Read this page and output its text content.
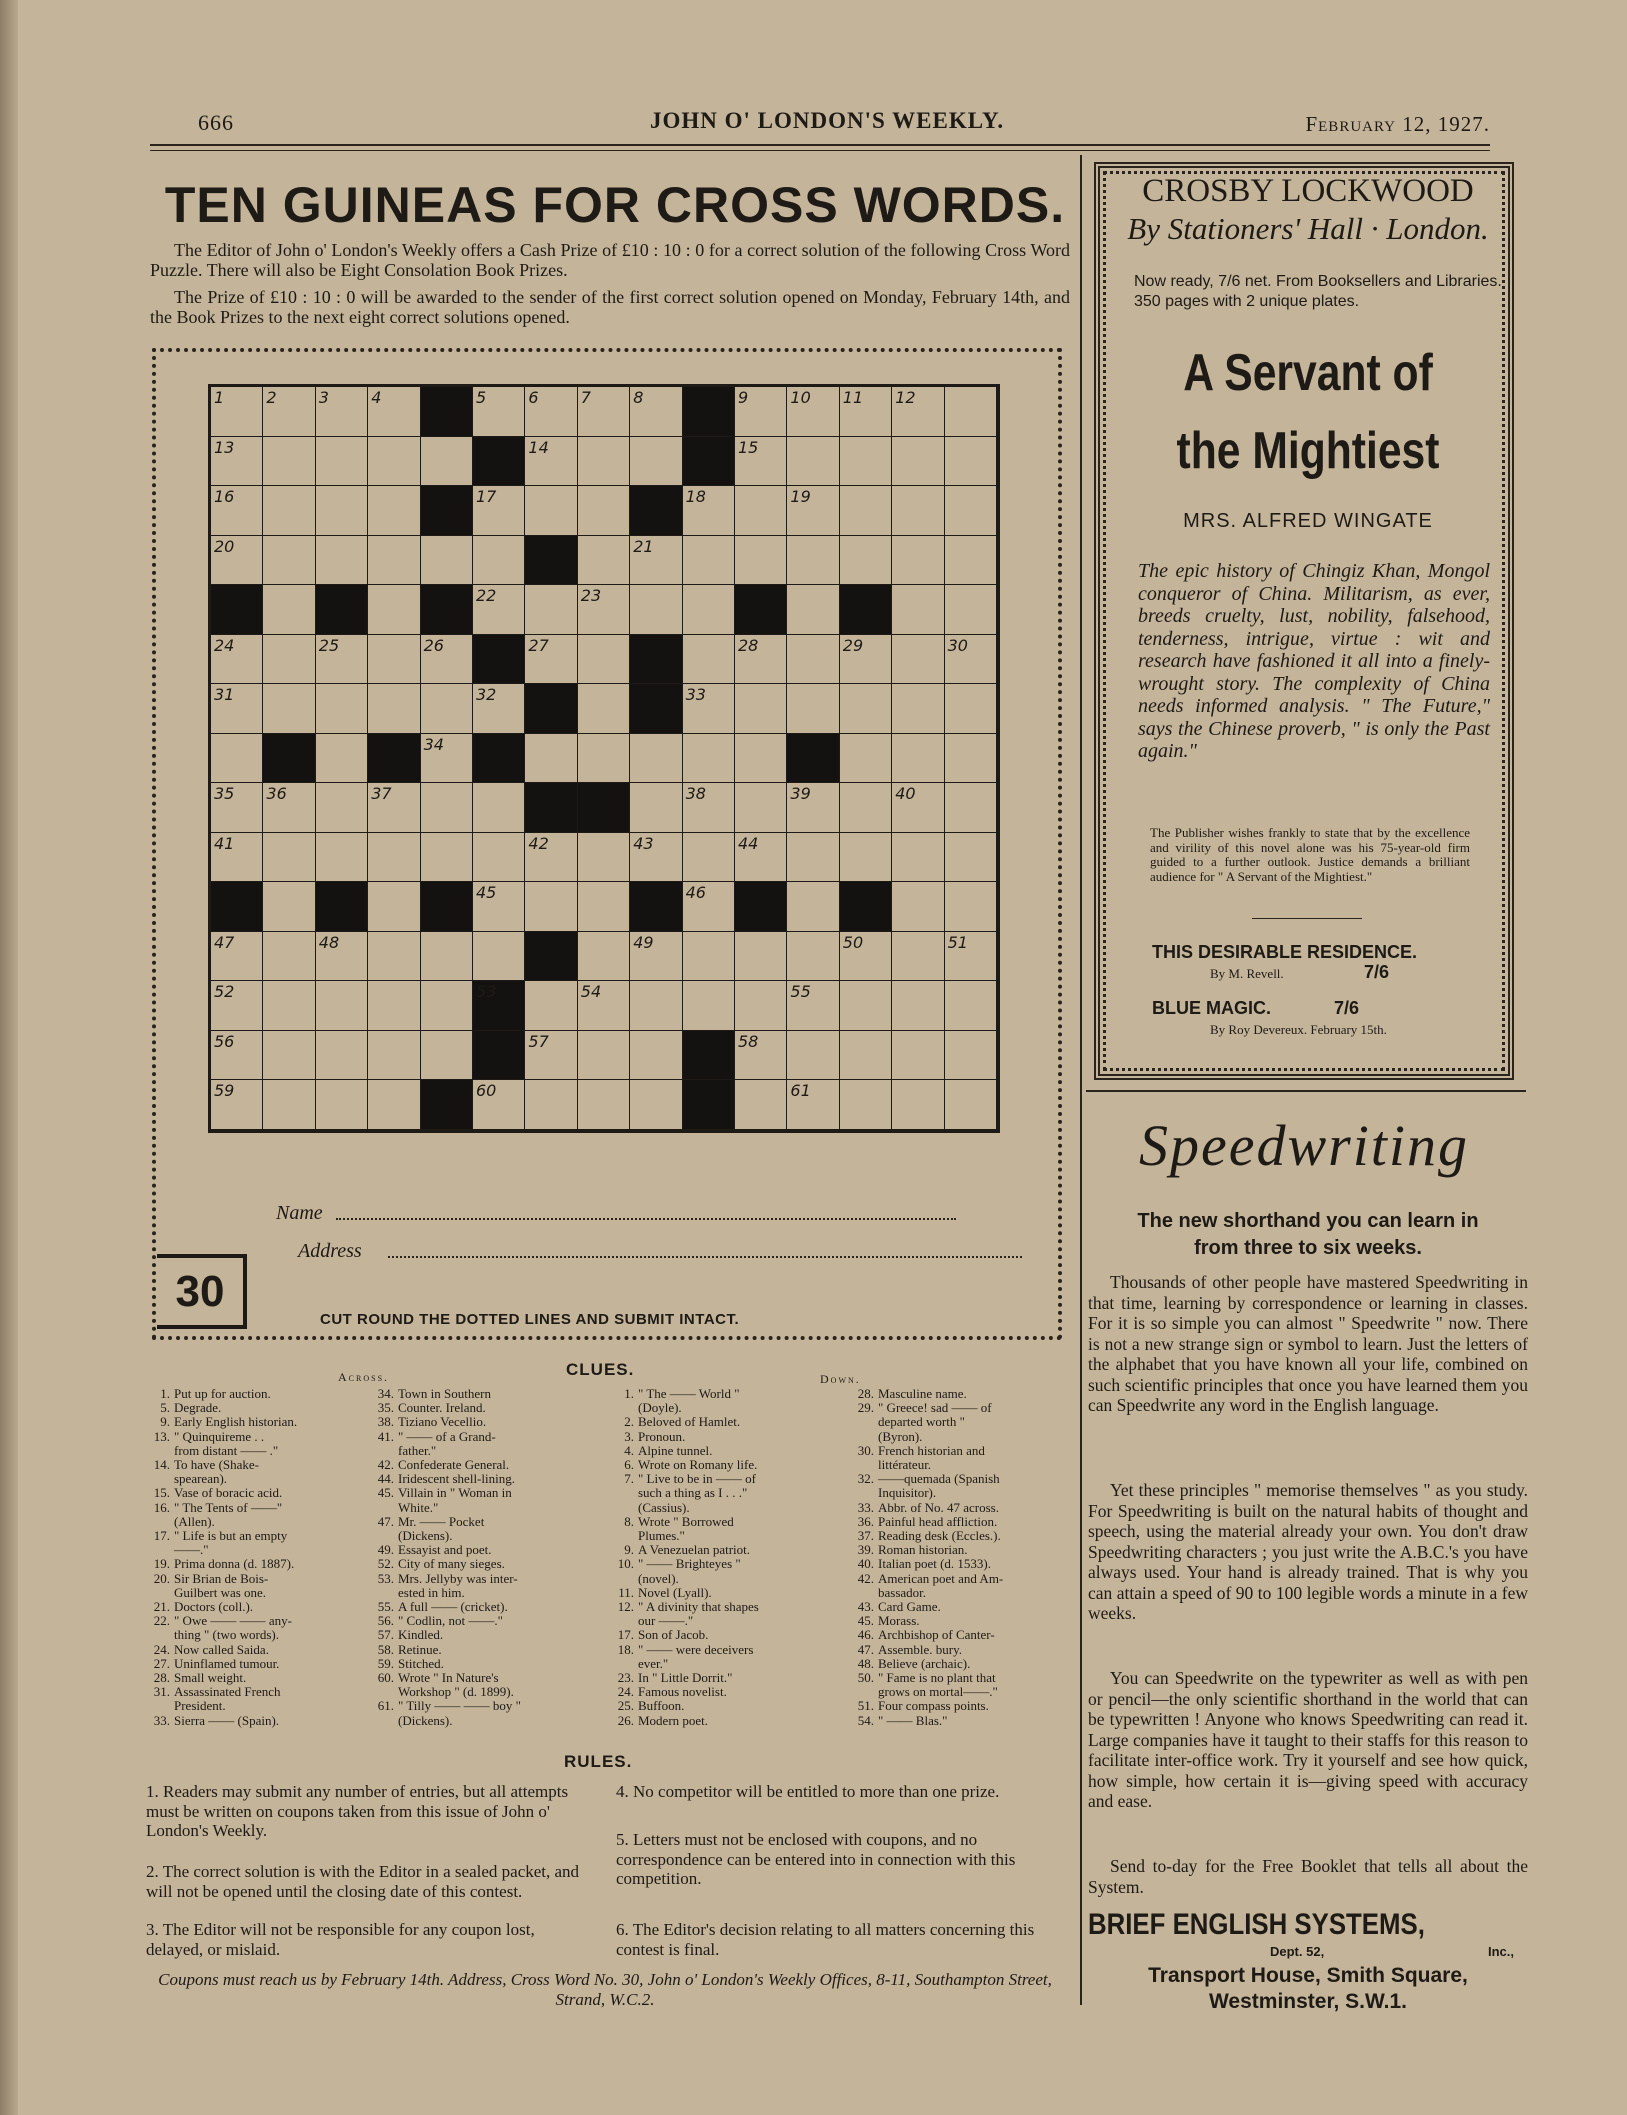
666	JOHN O' LONDON'S WEEKLY.	February 12, 1927.
TEN GUINEAS FOR CROSS WORDS.
The Editor of John o' London's Weekly offers a Cash Prize of £10 : 10 : 0 for a correct solution of the following Cross Word Puzzle. There will also be Eight Consolation Book Prizes.
The Prize of £10 : 10 : 0 will be awarded to the sender of the first correct solution opened on Monday, February 14th, and the Book Prizes to the next eight correct solutions opened.
1	2	3	4	5	6	7	8	9	10 11 12
13	14	15
16	17	18	19
20	21
22	23
24	25	26	27	28	29	30
31	32	33
34
35 36	37	38	39	40
41	42	43	44
45	46
47	48	49	50	51
52	53	54	55
56	57	58
59	60	61
Name
Address
30
CUT ROUND THE DOTTED LINES AND SUBMIT INTACT.
CLUES.
Across.	Down.
1. Put up for auction.
5. Degrade.
9. Early English historian.
13. " Quinquireme . .
from distant —— ."
14. To have (Shake-
spearean).
15. Vase of boracic acid.
16. " The Tents of ——"
(Allen).
17. " Life is but an empty
——."
19. Prima donna (d. 1887).
20. Sir Brian de Bois-
Guilbert was one.
21. Doctors (coll.).
22. " Owe —— —— any-
thing " (two words).
24. Now called Saida.
27. Uninflamed tumour.
28. Small weight.
31. Assassinated French
President.
33. Sierra —— (Spain).
34. Town in Southern
35. Counter. Ireland.
38. Tiziano Vecellio.
41. " —— of a Grand-
father."
42. Confederate General.
44. Iridescent shell-lining.
45. Villain in " Woman in
White."
47. Mr. —— Pocket
(Dickens).
49. Essayist and poet.
52. City of many sieges.
53. Mrs. Jellyby was inter-
ested in him.
55. A full —— (cricket).
56. " Codlin, not ——."
57. Kindled.
58. Retinue.
59. Stitched.
60. Wrote " In Nature's
Workshop " (d. 1899).
61. " Tilly —— —— boy "
(Dickens).
1. " The —— World "
(Doyle).
2. Beloved of Hamlet.
3. Pronoun.
4. Alpine tunnel.
6. Wrote on Romany life.
7. " Live to be in —— of
such a thing as I . . ."
(Cassius).
8. Wrote " Borrowed
Plumes."
9. A Venezuelan patriot.
10. " —— Brighteyes "
(novel).
11. Novel (Lyall).
12. " A divinity that shapes
our ——."
17. Son of Jacob.
18. " —— were deceivers
ever."
23. In " Little Dorrit."
24. Famous novelist.
25. Buffoon.
26. Modern poet.
28. Masculine name.
29. " Greece! sad —— of
departed worth "
(Byron).
30. French historian and
littérateur.
32. ——quemada (Spanish
Inquisitor).
33. Abbr. of No. 47 across.
36. Painful head affliction.
37. Reading desk (Eccles.).
39. Roman historian.
40. Italian poet (d. 1533).
42. American poet and Am-
bassador.
43. Card Game.
45. Morass.
46. Archbishop of Canter-
47. Assemble. bury.
48. Believe (archaic).
50. " Fame is no plant that
grows on mortal——."
51. Four compass points.
54. " —— Blas."
RULES.
1. Readers may submit any number of entries, but all attempts must be written on coupons taken from this issue of John o' London's Weekly.
2. The correct solution is with the Editor in a sealed packet, and will not be opened until the closing date of this contest.
3. The Editor will not be responsible for any coupon lost, delayed, or mislaid.
4. No competitor will be entitled to more than one prize.
5. Letters must not be enclosed with coupons, and no correspondence can be entered into in connection with this competition.
6. The Editor's decision relating to all matters concerning this contest is final.
Coupons must reach us by February 14th. Address, Cross Word No. 30, John o' London's Weekly Offices, 8-11, Southampton Street, Strand, W.C.2.
CROSBY LOCKWOOD
By Stationers' Hall · London.
Now ready, 7/6 net. From Booksellers and Libraries. 350 pages with 2 unique plates.
A Servant of
the Mightiest
MRS. ALFRED WINGATE
The epic history of Chingiz Khan, Mongol conqueror of China. Militarism, as ever, breeds cruelty, lust, nobility, falsehood, tenderness, intrigue, virtue : wit and research have fashioned it all into a finely-wrought story. The complexity of China needs informed analysis. " The Future," says the Chinese proverb, " is only the Past again."
The Publisher wishes frankly to state that by the excellence and virility of this novel alone was his 75-year-old firm guided to a further outlook. Justice demands a brilliant audience for " A Servant of the Mightiest."
THIS DESIRABLE RESIDENCE.
By M. Revell.	7/6
BLUE MAGIC.	7/6
By Roy Devereux. February 15th.
Speedwriting
The new shorthand you can learn in
from three to six weeks.
Thousands of other people have mastered Speedwriting in that time, learning by correspondence or learning in classes. For it is so simple you can almost " Speedwrite " now. There is not a new strange sign or symbol to learn. Just the letters of the alphabet that you have known all your life, combined on such scientific principles that once you have learned them you can Speedwrite any word in the English language.
Yet these principles " memorise themselves " as you study. For Speedwriting is built on the natural habits of thought and speech, using the material already your own. You don't draw Speedwriting characters ; you just write the A.B.C.'s you have always used. Your hand is already trained. That is why you can attain a speed of 90 to 100 legible words a minute in a few weeks.
You can Speedwrite on the typewriter as well as with pen or pencil—the only scientific shorthand in the world that can be typewritten ! Anyone who knows Speedwriting can read it. Large companies have it taught to their staffs for this reason to facilitate inter-office work. Try it yourself and see how quick, how simple, how certain it is—giving speed with accuracy and ease.
Send to-day for the Free Booklet that tells all about the System.
BRIEF ENGLISH SYSTEMS,
Dept. 52,	Inc.,
Transport House, Smith Square,
Westminster, S.W.1.
